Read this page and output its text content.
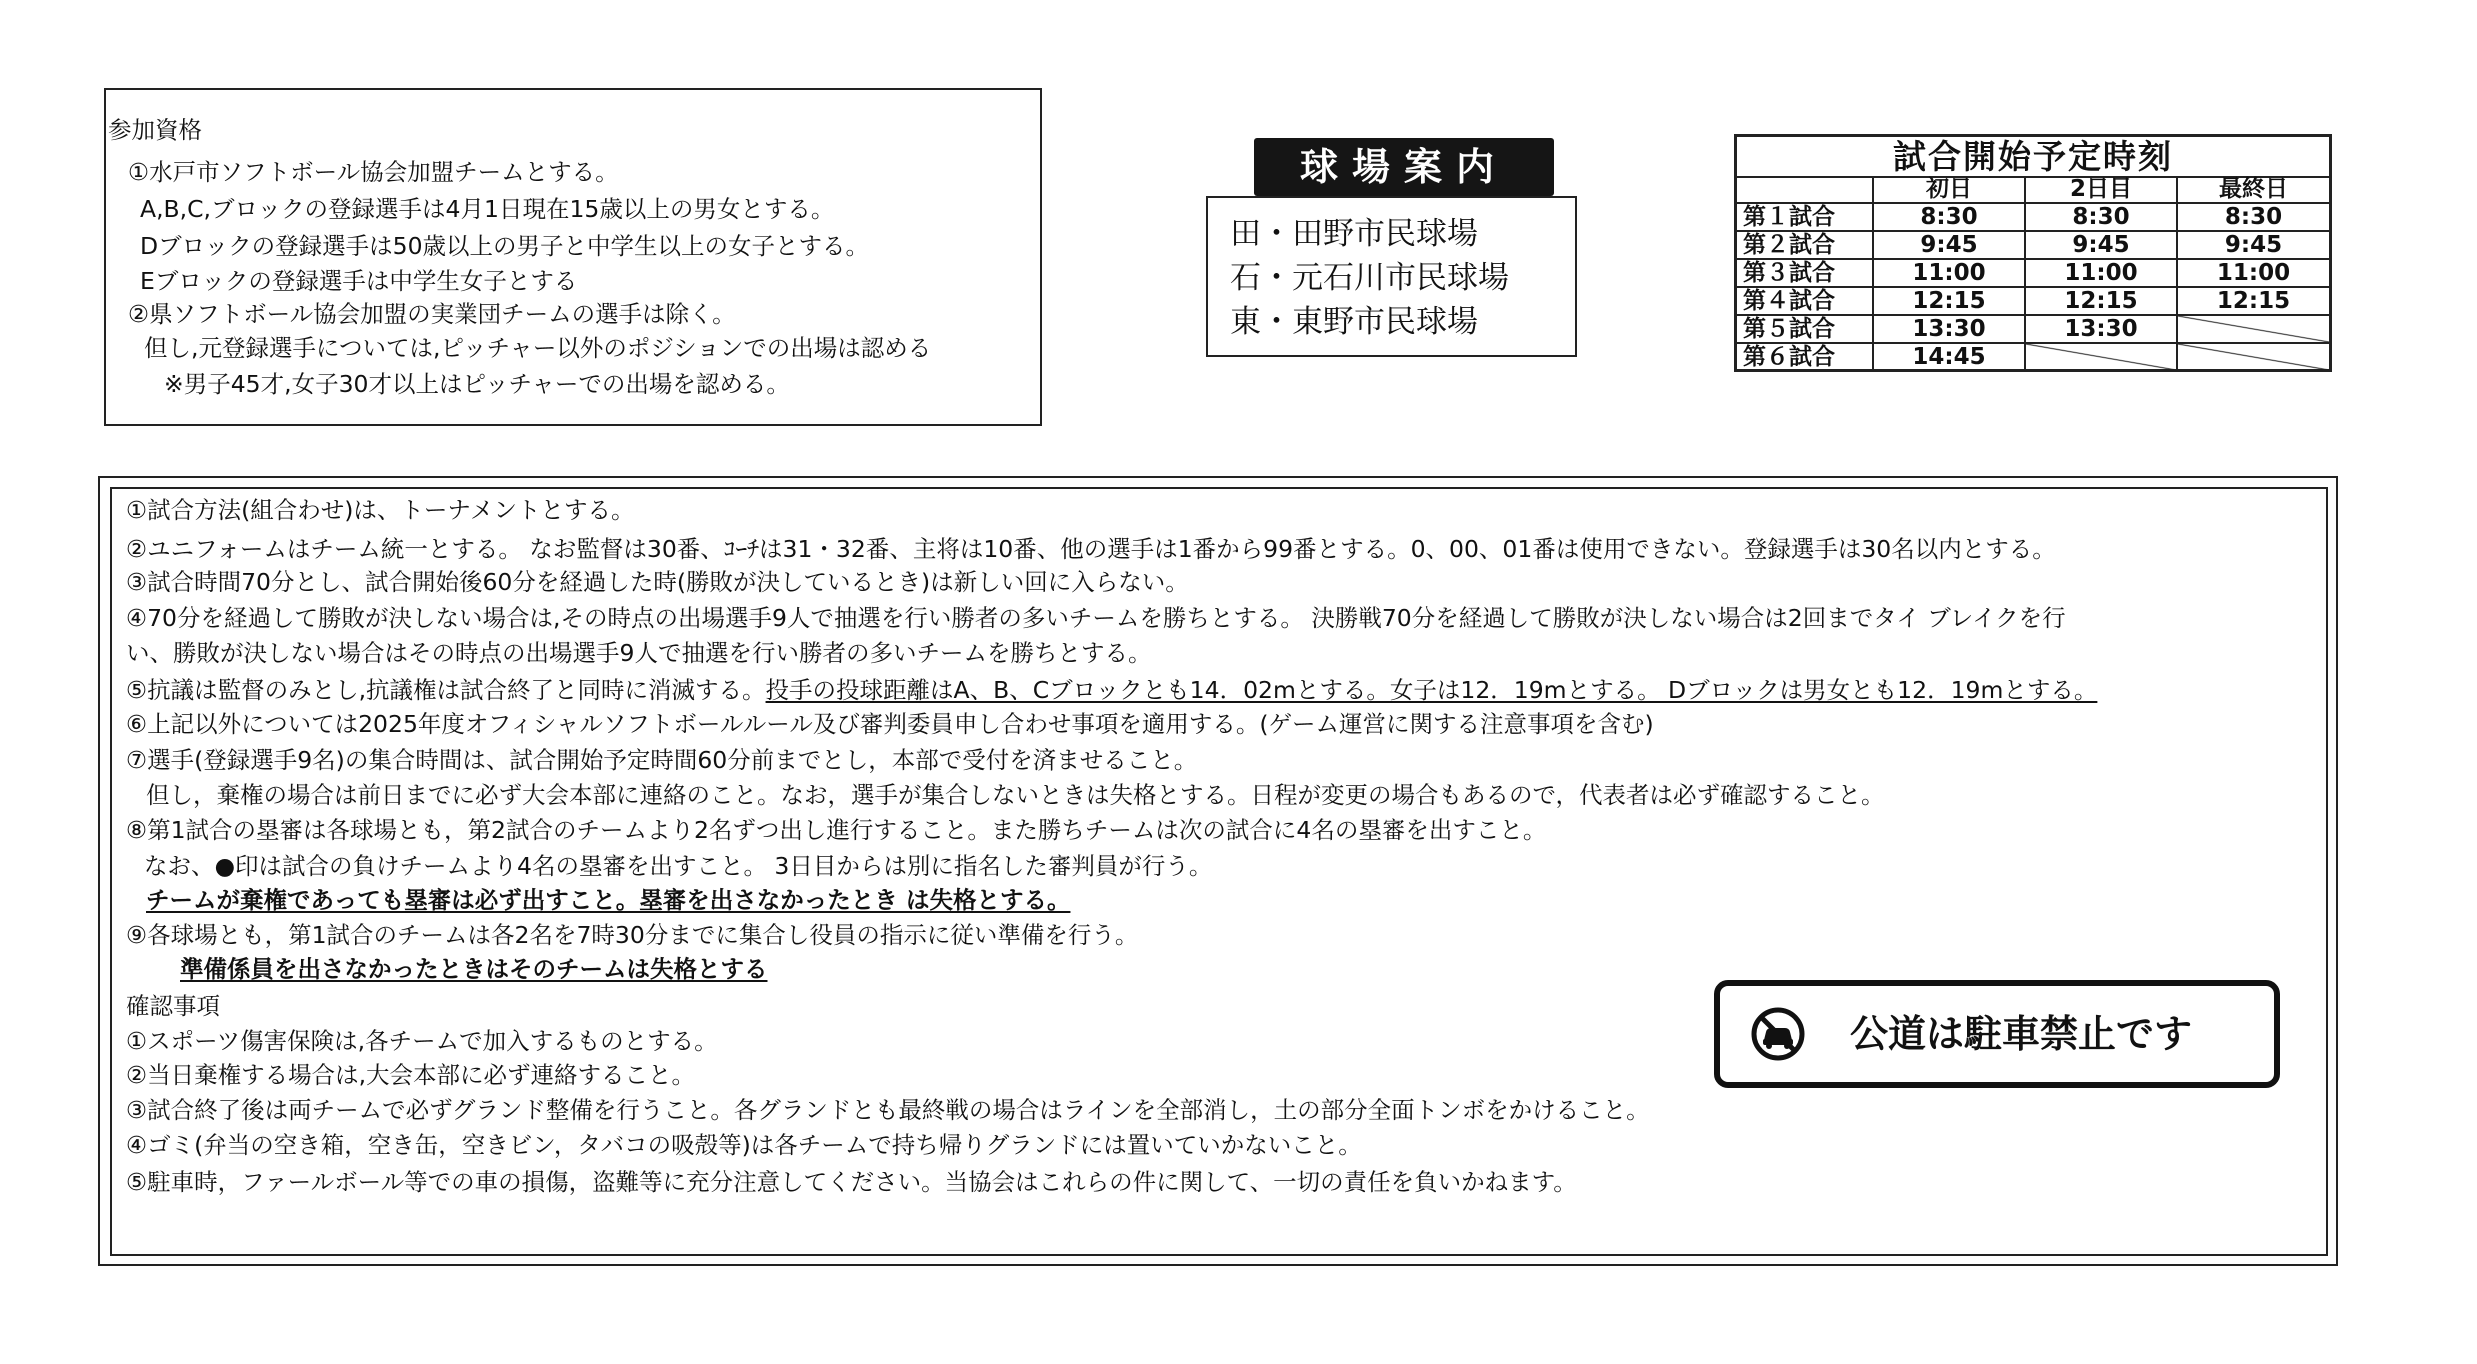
参加資格
①水戸市ソフトボール協会加盟チームとする。
A,B,C,ブロックの登録選手は4月1日現在15歳以上の男女とする。
Dブロックの登録選手は50歳以上の男子と中学生以上の女子とする。
Eブロックの登録選手は中学生女子とする
②県ソフトボール協会加盟の実業団チームの選手は除く。
但し,元登録選手については,ピッチャー以外のポジションでの出場は認める
※男子45才,女子30才以上はピッチャーでの出場を認める。
球場案内
田・田野市民球場
石・元石川市民球場
東・東野市民球場
試合開始予定時刻
	初日	2日目	最終日
第１試合	8:30	8:30	8:30
第２試合	9:45	9:45	9:45
第３試合	11:00	11:00	11:00
第４試合	12:15	12:15	12:15
第５試合	13:30	13:30	
第６試合	14:45		
①試合方法(組合わせ)は、トーナメントとする。
②ユニフォームはチーム統一とする。 なお監督は30番、ｺｰﾁは31・32番、主将は10番、他の選手は1番から99番とする。0、00、01番は使用できない。登録選手は30名以内とする。
③試合時間70分とし、試合開始後60分を経過した時(勝敗が決しているとき)は新しい回に入らない。
④70分を経過して勝敗が決しない場合は,その時点の出場選手9人で抽選を行い勝者の多いチームを勝ちとする。 決勝戦70分を経過して勝敗が決しない場合は2回までタイ ブレイクを行
い、勝敗が決しない場合はその時点の出場選手9人で抽選を行い勝者の多いチームを勝ちとする。
⑤抗議は監督のみとし,抗議権は試合終了と同時に消滅する。投手の投球距離はA、B、Cブロックとも14．02mとする。女子は12．19mとする。 Dブロックは男女とも12．19mとする。
⑥上記以外については2025年度オフィシャルソフトボールルール及び審判委員申し合わせ事項を適用する。(ゲーム運営に関する注意事項を含む)
⑦選手(登録選手9名)の集合時間は、試合開始予定時間60分前までとし，本部で受付を済ませること。
但し，棄権の場合は前日までに必ず大会本部に連絡のこと。なお，選手が集合しないときは失格とする。日程が変更の場合もあるので，代表者は必ず確認すること。
⑧第1試合の塁審は各球場とも，第2試合のチームより2名ずつ出し進行すること。また勝ちチームは次の試合に4名の塁審を出すこと。
なお、●印は試合の負けチームより4名の塁審を出すこと。 3日目からは別に指名した審判員が行う。
チームが棄権であっても塁審は必ず出すこと。塁審を出さなかったとき は失格とする。
⑨各球場とも，第1試合のチームは各2名を7時30分までに集合し役員の指示に従い準備を行う。
準備係員を出さなかったときはそのチームは失格とする
確認事項
①スポーツ傷害保険は,各チームで加入するものとする。
②当日棄権する場合は,大会本部に必ず連絡すること。
③試合終了後は両チームで必ずグランド整備を行うこと。各グランドとも最終戦の場合はラインを全部消し，土の部分全面トンボをかけること。
④ゴミ(弁当の空き箱，空き缶，空きビン，タバコの吸殻等)は各チームで持ち帰りグランドには置いていかないこと。
⑤駐車時，ファールボール等での車の損傷，盗難等に充分注意してください。当協会はこれらの件に関して、一切の責任を負いかねます。
公道は駐車禁止です
